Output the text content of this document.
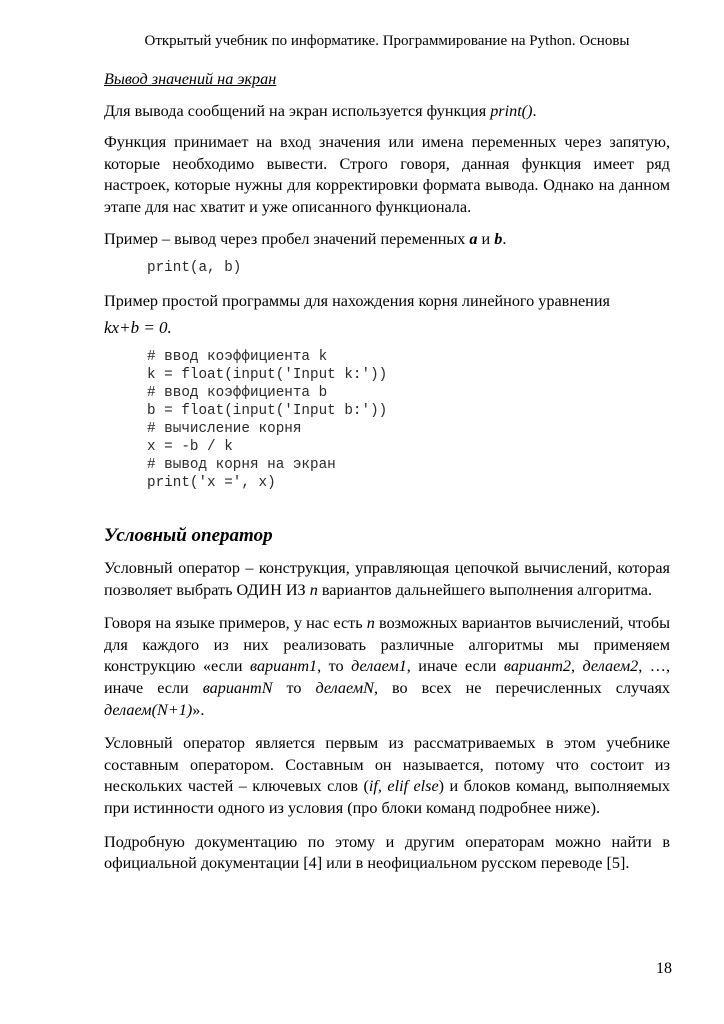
Открытый учебник по информатике. Программирование на Python. Основы

Вывод значений на экран

Для вывода сообщений на экран используется функция print().

Функция принимает на вход значения или имена переменных через запятую, которые необходимо вывести. Строго говоря, данная функция имеет ряд настроек, которые нужны для корректировки формата вывода. Однако на данном этапе для нас хватит и уже описанного функционала.

Пример – вывод через пробел значений переменных a и b.

print(a, b)

Пример простой программы для нахождения корня линейного уравнения

kx+b = 0.

# ввод коэффициента k
k = float(input('Input k:'))
# ввод коэффициента b
b = float(input('Input b:'))
# вычисление корня
x = -b / k
# вывод корня на экран
print('x =', x)
Условный оператор

Условный оператор – конструкция, управляющая цепочкой вычислений, которая позволяет выбрать ОДИН ИЗ n вариантов дальнейшего выполнения алгоритма.

Говоря на языке примеров, у нас есть n возможных вариантов вычислений, чтобы для каждого из них реализовать различные алгоритмы мы применяем конструкцию «если вариант1, то делаем1, иначе если вариант2, делаем2, …, иначе если вариантN то делаемN, во всех не перечисленных случаях делаем(N+1)».

Условный оператор является первым из рассматриваемых в этом учебнике составным оператором. Составным он называется, потому что состоит из нескольких частей – ключевых слов (if, elif else) и блоков команд, выполняемых при истинности одного из условия (про блоки команд подробнее ниже).

Подробную документацию по этому и другим операторам можно найти в официальной документации [4] или в неофициальном русском переводе [5].

18
